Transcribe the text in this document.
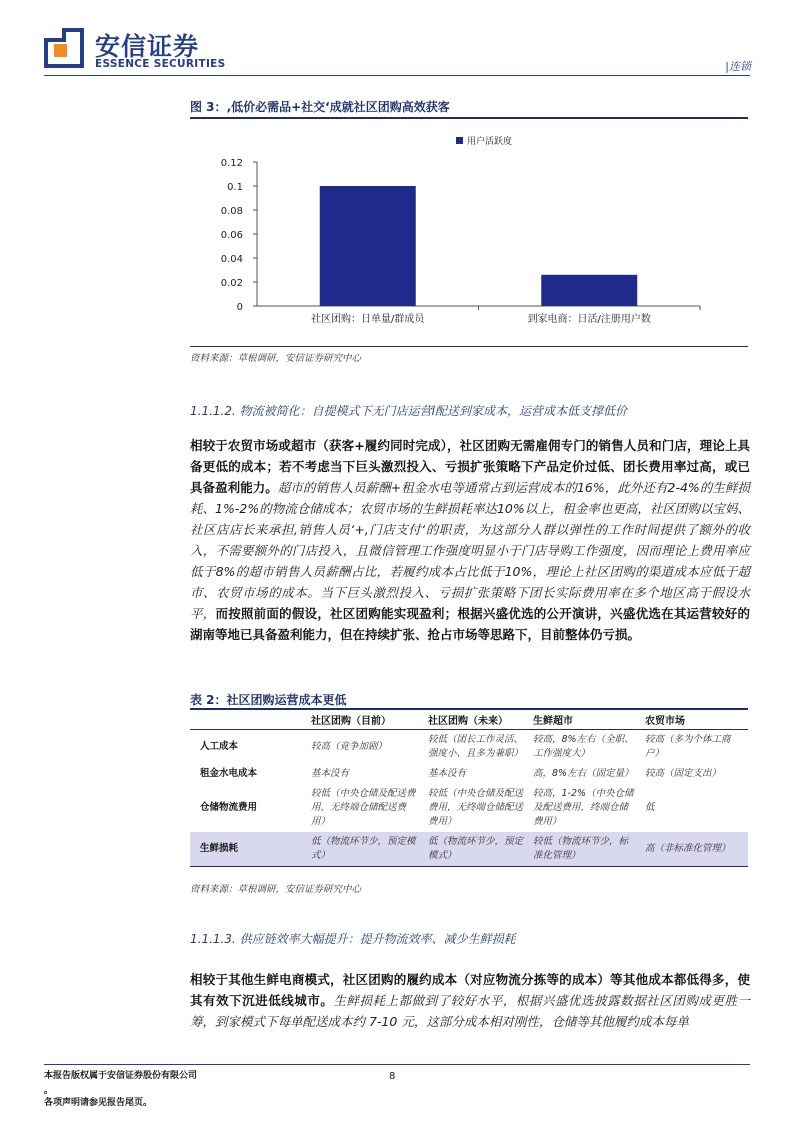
安信证券
ESSENCE SECURITIES	|连锁
图 3：‚低价必需品+社交‘成就社区团购高效获客
0
0.02
0.04
0.06
0.08
0.1
0.12
社区团购：日单量/群成员	到家电商：日活/注册用户数
用户活跃度
资料来源：草根调研，安信证券研究中心
1.1.1.2. 物流被简化：自提模式下无门店运营l配送到家成本，运营成本低支撑低价
相较于农贸市场或超市（获客+履约同时完成），社区团购无需雇佣专门的销售人员和门店，理论上具备更低的成本；若不考虑当下巨头激烈投入、亏损扩张策略下产品定价过低、团长费用率过高，或已具备盈利能力。超市的销售人员薪酬+租金水电等通常占到运营成本的16%，此外还有2-4%的生鲜损耗、1%-2%的物流仓储成本；农贸市场的生鲜损耗率达10%以上，租金率也更高，社区团购以宝妈、社区店店长来承担‚销售人员‘+‚门店支付‘的职责，为这部分人群以弹性的工作时间提供了额外的收入，不需要额外的门店投入，且微信管理工作强度明显小于门店导购工作强度，因而理论上费用率应低于8%的超市销售人员薪酬占比，若履约成本占比低于10%，理论上社区团购的渠道成本应低于超市、农贸市场的成本。当下巨头激烈投入、亏损扩张策略下团长实际费用率在多个地区高于假设水平，而按照前面的假设，社区团购能实现盈利；根据兴盛优选的公开演讲，兴盛优选在其运营较好的湖南等地已具备盈利能力，但在持续扩张、抢占市场等思路下，目前整体仍亏损。
表 2：社区团购运营成本更低
	社区团购（目前）	社区团购（未来）	生鲜超市	农贸市场
人工成本	较高（竞争加剧）	较低（团长工作灵活、强度小、且多为兼职）	较高，8%左右（全职、工作强度大）	较高（多为个体工商户）
租金水电成本	基本没有	基本没有	高，8%左右（固定量）	较高（固定支出）
仓储物流费用	较低（中央仓储及配送费用，无终端仓储配送费用）	较低（中央仓储及配送费用，无终端仓储配送费用）	较高，1-2%（中央仓储及配送费用，终端仓储费用）	低
生鲜损耗	低（物流环节少，预定模式）	低（物流环节少，预定模式）	较低（物流环节少，标准化管理）	高（非标准化管理）
资料来源：草根调研，安信证券研究中心
1.1.1.3. 供应链效率大幅提升：提升物流效率、减少生鲜损耗
相较于其他生鲜电商模式，社区团购的履约成本（对应物流分拣等的成本）等其他成本都低得多，使其有效下沉进低线城市。生鲜损耗上都做到了较好水平，根据兴盛优选披露数据社区团购成更胜一筹，到家模式下每单配送成本约 7-10 元，这部分成本相对刚性，仓储等其他履约成本每单
本报告版权属于安信证券股份有限公司
。
各项声明请参见报告尾页。
8
